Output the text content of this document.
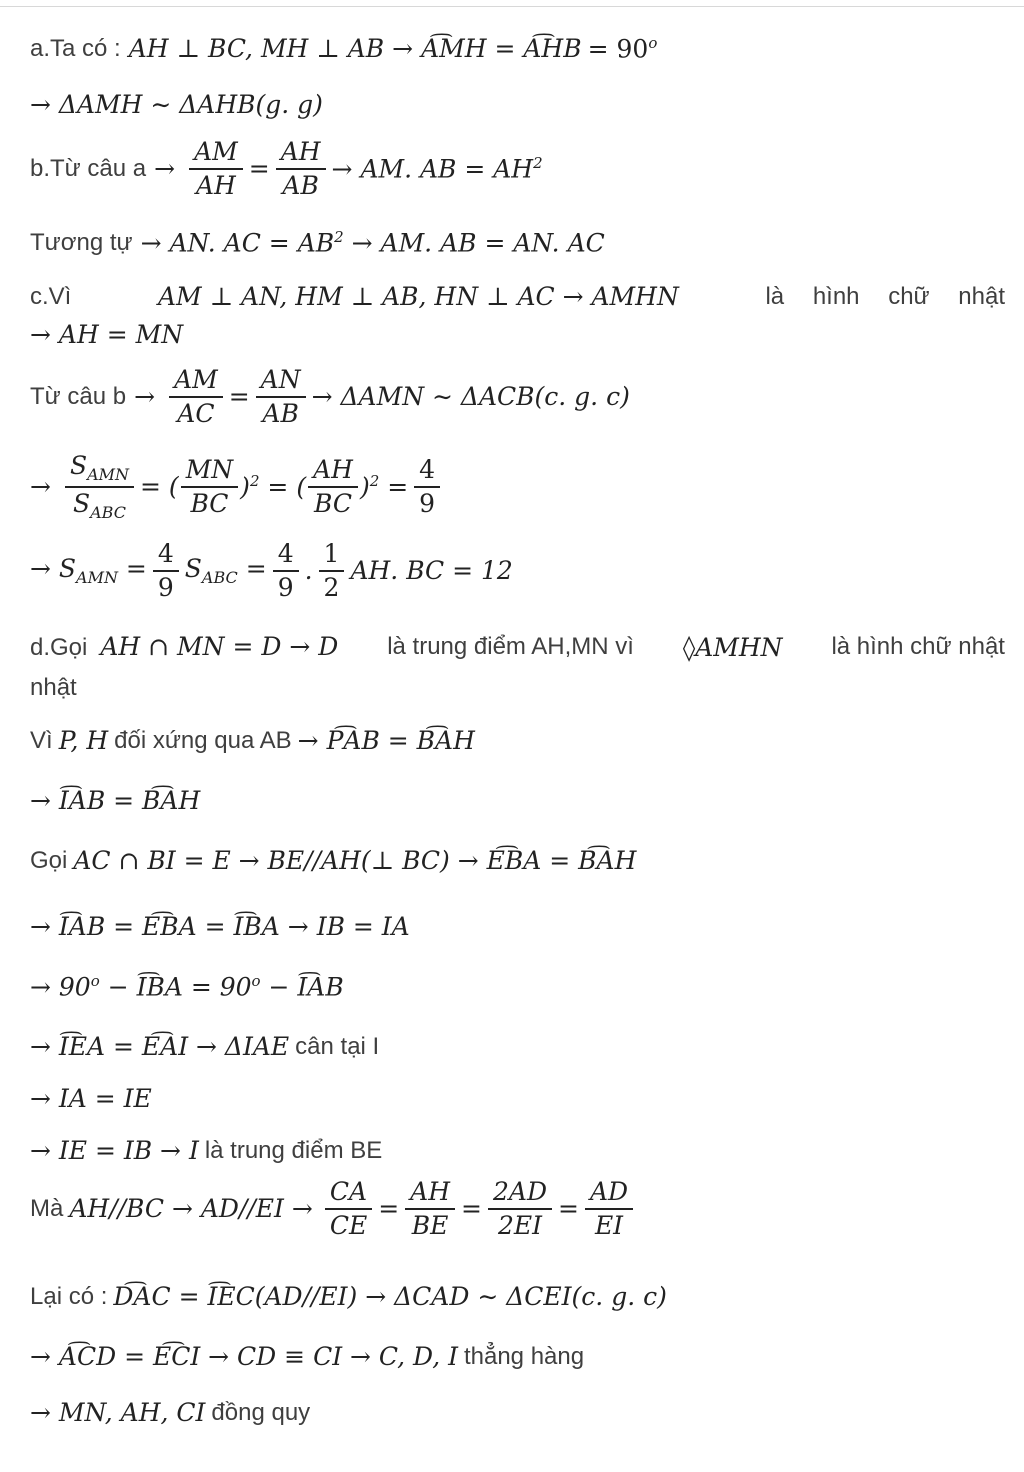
a.Ta có : AH ⊥ BC, MH ⊥ AB → A͡MH = A͡HB = $90^o$
→ ΔAMH ∼ ΔAHB(g. g)
b.Từ câu $a \to \frac{AM}{AH} = \frac{AH}{AB}$ → AM. AB = $AH^2$
Tương tự → AN. AC = $AB^2$ → AM. AB = AN. AC
c.Vì	AM ⊥ AN, HM ⊥ AB, HN ⊥ AC → AMHN	là hình chữ nhật
→ AH = MN
Từ câu $b \to \frac{AM}{AC} = \frac{AN}{AB} \to \Delta AMN$ ∼ ΔACB(c. g. c)
→ $\frac{S_{AMN}}{S_{ABC}}$ = ( $\frac{MN}{BC} )^2$ = ( $\frac{AH}{BC} )^2 = \frac{4}{9}$
→ $S_{AMN} = \frac{4}{9} S_{ABC} = \frac{4}{9}$ . $\frac{1}{2}$ AH. BC = 12
d.Gọi AH ∩ MN = D → D là trung điểm AH,MN vì ◊AMHN là hình chữ nhật
nhật
Vì P, H đối xứng qua AB → P͡AB = B͡AH
→ I͡AB = B͡AH
Gọi AC ∩ BI = E → BE//AH(⊥ BC) → E͡BA = B͡AH
→ I͡AB = E͡BA = I͡BA → IB = IA
→ $90^o$ − I͡BA = $90^o$ − I͡AB
→ I͡EA = E͡AI → ΔIAE cân tại I
→ IA = IE
→ IE = IB → I là trung điểm BE
Mà $AH//BC \to AD//EI \to \frac{CA}{CE} = \frac{AH}{BE} = \frac{2AD}{2EI} = \frac{AD}{EI}$
Lại có : D͡AC = I͡EC(AD//EI) → ΔCAD ∼ ΔCEI(c. g. c)
→ A͡CD = E͡CI → CD ≡ CI → C, D, I thẳng hàng
→ MN, AH, CI đồng quy
